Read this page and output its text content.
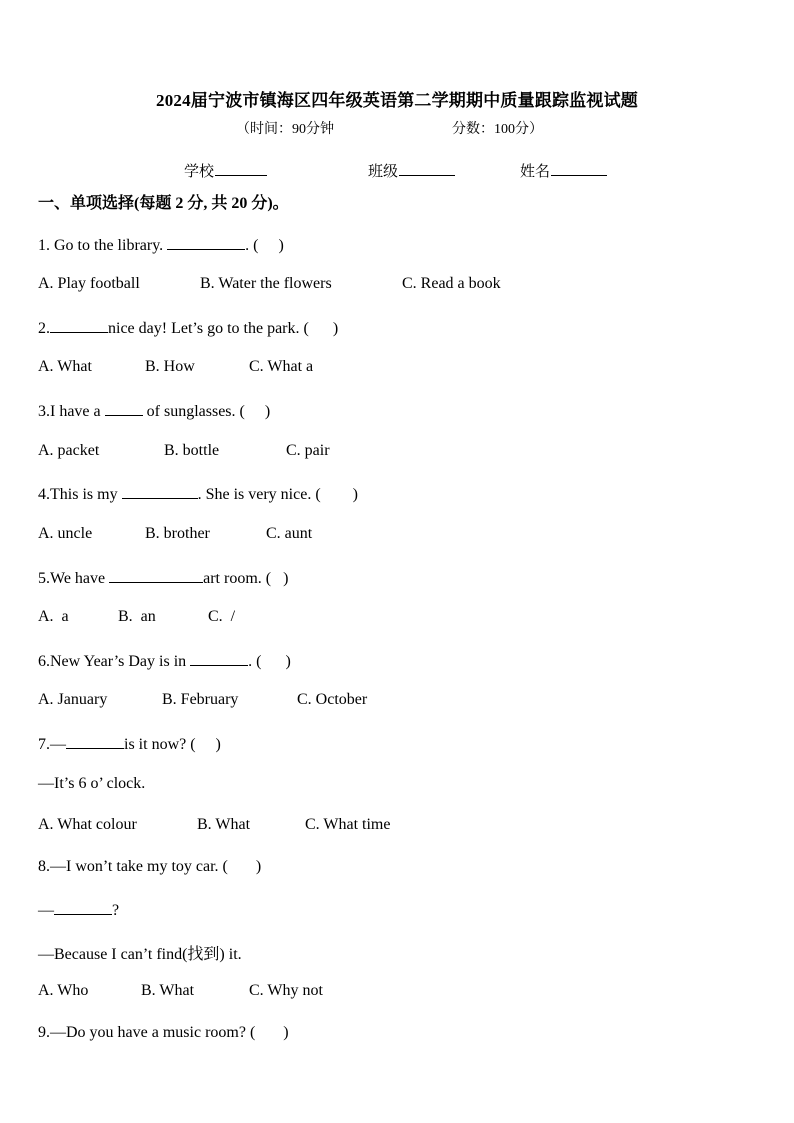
2024届宁波市镇海区四年级英语第二学期期中质量跟踪监视试题
（时间：90分钟	分数：100分）
学校	班级	姓名
一、单项选择(每题 2 分, 共 20 分)。
1. Go to the library.	. (     )
A. Play football	B. Water the flowers	C. Read a book
2.	nice day! Let’s go to the park. (      )
A. What	B. How	C. What a
3.I have a  of sunglasses. (     )
A. packet	B. bottle	C. pair
4.This is my	. She is very nice. (        )
A. uncle	B. brother	C. aunt
5.We have	art room. (   )
A.  a	B.  an	C.  /
6.New Year’s Day is in	. (      )
A. January	B. February	C. October
7.—	is it now? (     )
—It’s 6 o’ clock.
A. What colour	B. What	C. What time
8.—I won’t take my toy car. (       )
—	?
—Because I can’t find(找到) it.
A. Who	B. What	C. Why not
9.—Do you have a music room? (       )
